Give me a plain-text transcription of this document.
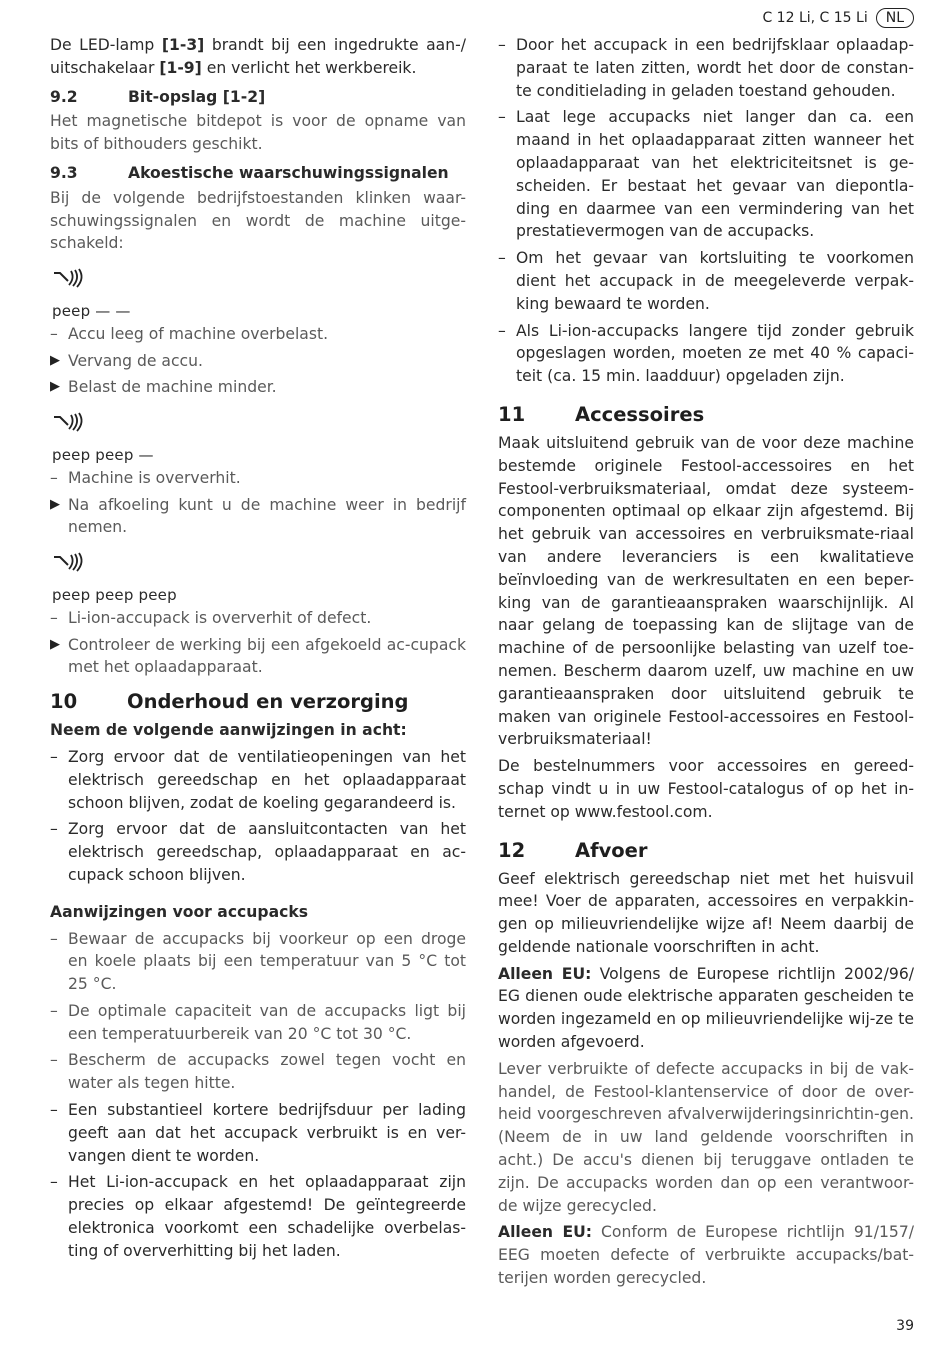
C 12 Li, C 15 Li	NL

De LED-lamp [1-3] brandt bij een ingedrukte aan-/ uitschakelaar [1-9] en verlicht het werkbereik.

9.2	Bit-opslag [1-2]

Het magnetische bitdepot is voor de opname van bits of bithouders geschikt.

9.3	Akoestische waarschuwingssignalen

Bij de volgende bedrijfstoestanden klinken waar-schuwingssignalen en wordt de machine uitge-schakeld:

peep — —
– Accu leeg of machine overbelast.
▶ Vervang de accu.
▶ Belast de machine minder.
peep peep —
– Machine is oververhit.
▶ Na afkoeling kunt u de machine weer in bedrijf nemen.
peep peep peep
– Li-ion-accupack is oververhit of defect.
▶ Controleer de werking bij een afgekoeld ac-cupack met het oplaadapparaat.
10	Onderhoud en verzorging

Neem de volgende aanwijzingen in acht:

– Zorg ervoor dat de ventilatieopeningen van het elektrisch gereedschap en het oplaadapparaat schoon blijven, zodat de koeling gegarandeerd is.
– Zorg ervoor dat de aansluitcontacten van het elektrisch gereedschap, oplaadapparaat en ac-cupack schoon blijven.

Aanwijzingen voor accupacks

– Bewaar de accupacks bij voorkeur op een droge en koele plaats bij een temperatuur van 5 °C tot 25 °C.
– De optimale capaciteit van de accupacks ligt bij een temperatuurbereik van 20 °C tot 30 °C.
– Bescherm de accupacks zowel tegen vocht en water als tegen hitte.
– Een substantieel kortere bedrijfsduur per lading geeft aan dat het accupack verbruikt is en ver-vangen dient te worden.
– Het Li-ion-accupack en het oplaadapparaat zijn precies op elkaar afgestemd! De geïntegreerde elektronica voorkomt een schadelijke overbelas-ting of oververhitting bij het laden.
– Door het accupack in een bedrijfsklaar oplaadap-paraat te laten zitten, wordt het door de constan-te conditielading in geladen toestand gehouden.
– Laat lege accupacks niet langer dan ca. een maand in het oplaadapparaat zitten wanneer het oplaadapparaat van het elektriciteitsnet is ge-scheiden. Er bestaat het gevaar van diepontla-ding en daarmee van een vermindering van het prestatievermogen van de accupacks.
– Om het gevaar van kortsluiting te voorkomen dient het accupack in de meegeleverde verpak-king bewaard te worden.
– Als Li-ion-accupacks langere tijd zonder gebruik opgeslagen worden, moeten ze met 40 % capaci-teit (ca. 15 min. laadduur) opgeladen zijn.
11	Accessoires

Maak uitsluitend gebruik van de voor deze machine bestemde originele Festool-accessoires en het Festool-verbruiksmateriaal, omdat deze systeem-componenten optimaal op elkaar zijn afgestemd. Bij het gebruik van accessoires en verbruiksmate-riaal van andere leveranciers is een kwalitatieve beïnvloeding van de werkresultaten en een beper-king van de garantieaanspraken waarschijnlijk. Al naar gelang de toepassing kan de slijtage van de machine of de persoonlijke belasting van uzelf toe-nemen. Bescherm daarom uzelf, uw machine en uw garantieaanspraken door uitsluitend gebruik te maken van originele Festool-accessoires en Festool-verbruiksmateriaal!

De bestelnummers voor accessoires en gereed-schap vindt u in uw Festool-catalogus of op het in-ternet op www.festool.com.

12	Afvoer

Geef elektrisch gereedschap niet met het huisvuil mee! Voer de apparaten, accessoires en verpakkin-gen op milieuvriendelijke wijze af! Neem daarbij de geldende nationale voorschriften in acht.

Alleen EU: Volgens de Europese richtlijn 2002/96/ EG dienen oude elektrische apparaten gescheiden te worden ingezameld en op milieuvriendelijke wij-ze te worden afgevoerd.

Lever verbruikte of defecte accupacks in bij de vak-handel, de Festool-klantenservice of door de over-heid voorgeschreven afvalverwijderingsinrichtin-gen. (Neem de in uw land geldende voorschriften in acht.) De accu's dienen bij teruggave ontladen te zijn. De accupacks worden dan op een verantwoor-de wijze gerecycled.

Alleen EU: Conform de Europese richtlijn 91/157/ EEG moeten defecte of verbruikte accupacks/bat-terijen worden gerecycled.

39
